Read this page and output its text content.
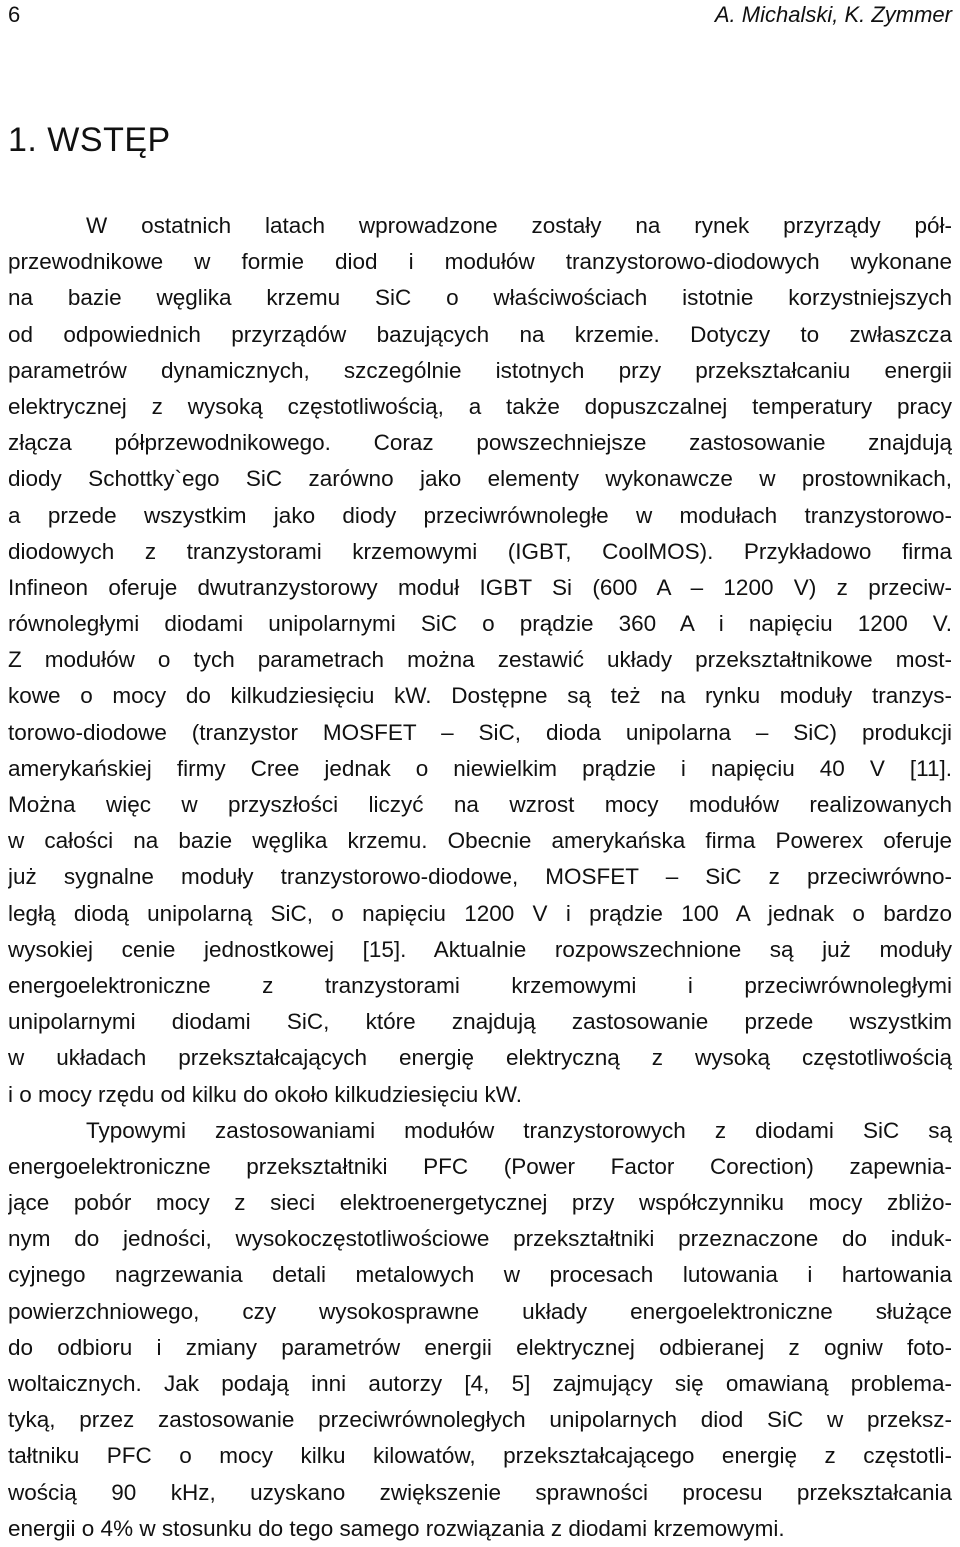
6	A. Michalski, K. Zymmer
1. WSTĘP
W ostatnich latach wprowadzone zostały na rynek przyrządy pół-
przewodnikowe w formie diod i modułów tranzystorowo-diodowych wykonane
na bazie węglika krzemu SiC o właściwościach istotnie korzystniejszych
od odpowiednich przyrządów bazujących na krzemie. Dotyczy to zwłaszcza
parametrów dynamicznych, szczególnie istotnych przy przekształcaniu energii
elektrycznej z wysoką częstotliwością, a także dopuszczalnej temperatury pracy
złącza półprzewodnikowego. Coraz powszechniejsze zastosowanie znajdują
diody Schottky`ego SiC zarówno jako elementy wykonawcze w prostownikach,
a przede wszystkim jako diody przeciwrównoległe w modułach tranzystorowo-
diodowych z tranzystorami krzemowymi (IGBT, CoolMOS). Przykładowo firma
Infineon oferuje dwutranzystorowy moduł IGBT Si (600 A – 1200 V) z przeciw-
równoległymi diodami unipolarnymi SiC o prądzie 360 A i napięciu 1200 V.
Z modułów o tych parametrach można zestawić układy przekształtnikowe most-
kowe o mocy do kilkudziesięciu kW. Dostępne są też na rynku moduły tranzys-
torowo-diodowe (tranzystor MOSFET – SiC, dioda unipolarna – SiC) produkcji
amerykańskiej firmy Cree jednak o niewielkim prądzie i napięciu 40 V [11].
Można więc w przyszłości liczyć na wzrost mocy modułów realizowanych
w całości na bazie węglika krzemu. Obecnie amerykańska firma Powerex oferuje
już sygnalne moduły tranzystorowo-diodowe, MOSFET – SiC z przeciwrówno-
ległą diodą unipolarną SiC, o napięciu 1200 V i prądzie 100 A jednak o bardzo
wysokiej cenie jednostkowej [15]. Aktualnie rozpowszechnione są już moduły
energoelektroniczne z tranzystorami krzemowymi i przeciwrównoległymi
unipolarnymi diodami SiC, które znajdują zastosowanie przede wszystkim
w układach przekształcających energię elektryczną z wysoką częstotliwością
i o mocy rzędu od kilku do około kilkudziesięciu kW.
Typowymi zastosowaniami modułów tranzystorowych z diodami SiC są
energoelektroniczne przekształtniki PFC (Power Factor Corection) zapewnia-
jące pobór mocy z sieci elektroenergetycznej przy współczynniku mocy zbliżo-
nym do jedności, wysokoczęstotliwościowe przekształtniki przeznaczone do induk-
cyjnego nagrzewania detali metalowych w procesach lutowania i hartowania
powierzchniowego, czy wysokosprawne układy energoelektroniczne służące
do odbioru i zmiany parametrów energii elektrycznej odbieranej z ogniw foto-
woltaicznych. Jak podają inni autorzy [4, 5] zajmujący się omawianą problema-
tyką, przez zastosowanie przeciwrównoległych unipolarnych diod SiC w przeksz-
tałtniku PFC o mocy kilku kilowatów, przekształcającego energię z częstotli-
wością 90 kHz, uzyskano zwiększenie sprawności procesu przekształcania
energii o 4% w stosunku do tego samego rozwiązania z diodami krzemowymi.
